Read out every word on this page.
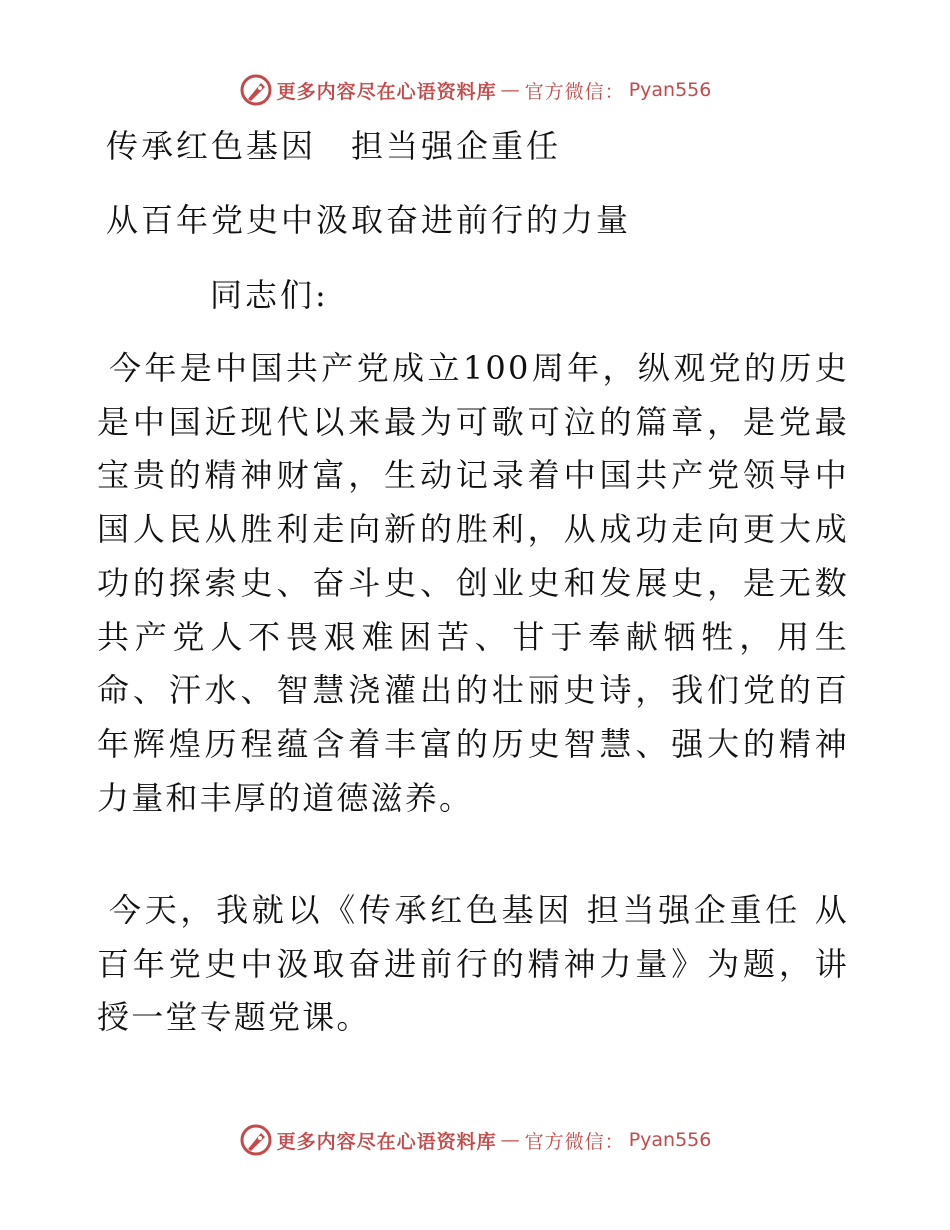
更多内容尽在心语资料库 — 官方微信： Pyan556
传承红色基因　担当强企重任
从百年党史中汲取奋进前行的力量
同志们:

今年是中国共产党成立100周年，纵观党的历史是中国近现代以来最为可歌可泣的篇章，是党最宝贵的精神财富，生动记录着中国共产党领导中国人民从胜利走向新的胜利，从成功走向更大成功的探索史、奋斗史、创业史和发展史，是无数共产党人不畏艰难困苦、甘于奉献牺牲，用生命、汗水、智慧浇灌出的壮丽史诗，我们党的百年辉煌历程蕴含着丰富的历史智慧、强大的精神力量和丰厚的道德滋养。

今天，我就以《传承红色基因 担当强企重任 从百年党史中汲取奋进前行的精神力量》为题，讲授一堂专题党课。

更多内容尽在心语资料库 — 官方微信： Pyan556
